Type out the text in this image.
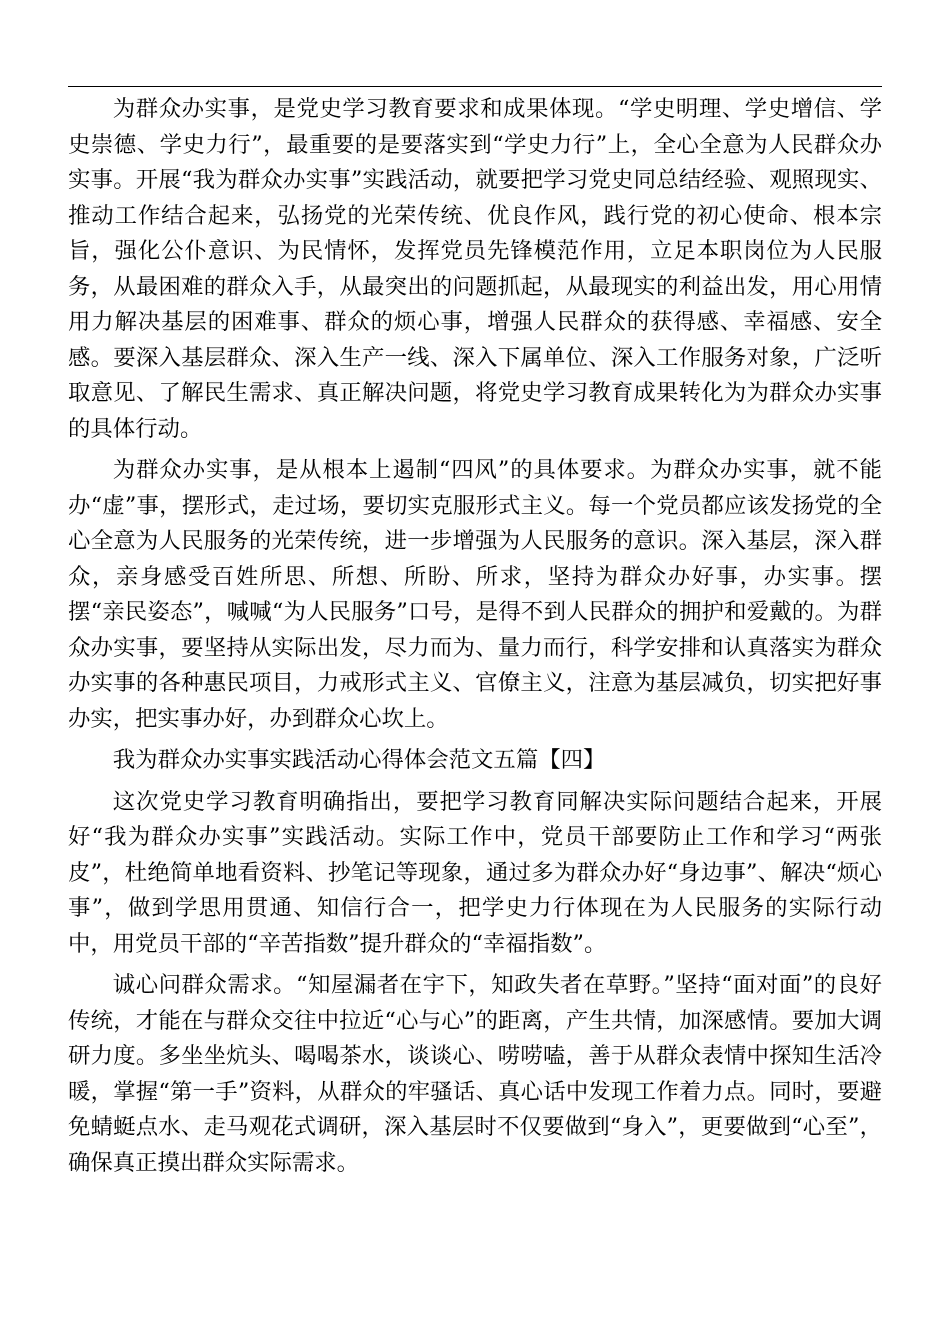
为群众办实事，是党史学习教育要求和成果体现。“学史明理、学史增信、学史崇德、学史力行”，最重要的是要落实到“学史力行”上，全心全意为人民群众办实事。开展“我为群众办实事”实践活动，就要把学习党史同总结经验、观照现实、推动工作结合起来，弘扬党的光荣传统、优良作风，践行党的初心使命、根本宗旨，强化公仆意识、为民情怀，发挥党员先锋模范作用，立足本职岗位为人民服务，从最困难的群众入手，从最突出的问题抓起，从最现实的利益出发，用心用情用力解决基层的困难事、群众的烦心事，增强人民群众的获得感、幸福感、安全感。要深入基层群众、深入生产一线、深入下属单位、深入工作服务对象，广泛听取意见、了解民生需求、真正解决问题，将党史学习教育成果转化为为群众办实事的具体行动。

为群众办实事，是从根本上遏制“四风”的具体要求。为群众办实事，就不能办“虚”事，摆形式，走过场，要切实克服形式主义。每一个党员都应该发扬党的全心全意为人民服务的光荣传统，进一步增强为人民服务的意识。深入基层，深入群众，亲身感受百姓所思、所想、所盼、所求，坚持为群众办好事，办实事。摆摆“亲民姿态”，喊喊“为人民服务”口号，是得不到人民群众的拥护和爱戴的。为群众办实事，要坚持从实际出发，尽力而为、量力而行，科学安排和认真落实为群众办实事的各种惠民项目，力戒形式主义、官僚主义，注意为基层减负，切实把好事办实，把实事办好，办到群众心坎上。

我为群众办实事实践活动心得体会范文五篇【四】

这次党史学习教育明确指出，要把学习教育同解决实际问题结合起来，开展好“我为群众办实事”实践活动。实际工作中，党员干部要防止工作和学习“两张皮”，杜绝简单地看资料、抄笔记等现象，通过多为群众办好“身边事”、解决“烦心事”，做到学思用贯通、知信行合一，把学史力行体现在为人民服务的实际行动中，用党员干部的“辛苦指数”提升群众的“幸福指数”。

诚心问群众需求。“知屋漏者在宇下，知政失者在草野。”坚持“面对面”的良好传统，才能在与群众交往中拉近“心与心”的距离，产生共情，加深感情。要加大调研力度。多坐坐炕头、喝喝茶水，谈谈心、唠唠嗑，善于从群众表情中探知生活冷暖，掌握“第一手”资料，从群众的牢骚话、真心话中发现工作着力点。同时，要避免蜻蜓点水、走马观花式调研，深入基层时不仅要做到“身入”，更要做到“心至”，确保真正摸出群众实际需求。
